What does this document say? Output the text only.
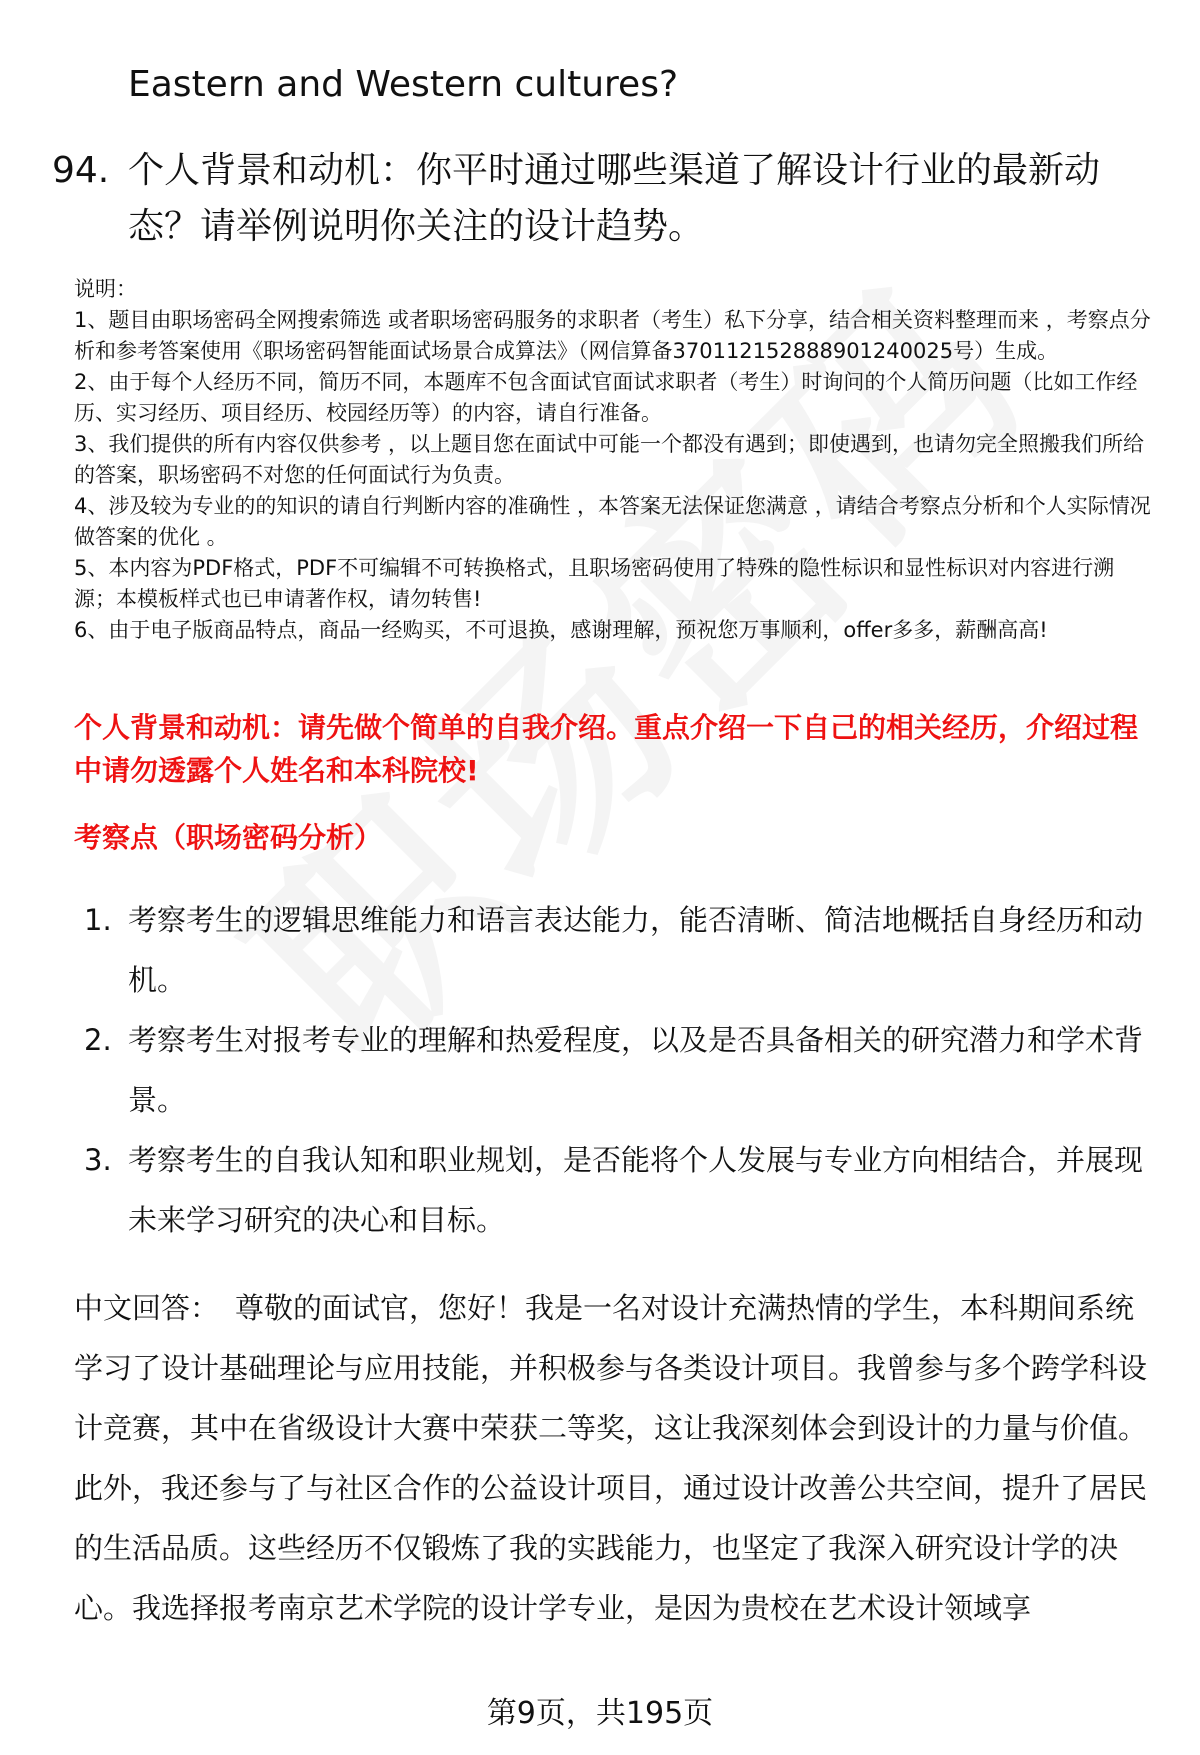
Eastern and Western cultures?
94. 个人背景和动机：你平时通过哪些渠道了解设计行业的最新动态？请举例说明你关注的设计趋势。

说明：

1、题目由职场密码全网搜索筛选 或者职场密码服务的求职者（考生）私下分享，结合相关资料整理而来 ，考察点分析和参考答案使用《职场密码智能面试场景合成算法》（网信算备370112152888901240025号）生成。

2、由于每个人经历不同，简历不同，本题库不包含面试官面试求职者（考生）时询问的个人简历问题（比如工作经历、实习经历、项目经历、校园经历等）的内容，请自行准备。

3、我们提供的所有内容仅供参考 ，以上题目您在面试中可能一个都没有遇到；即使遇到，也请勿完全照搬我们所给的答案，职场密码不对您的任何面试行为负责。

4、涉及较为专业的的知识的请自行判断内容的准确性 ，本答案无法保证您满意 ，请结合考察点分析和个人实际情况做答案的优化 。

5、本内容为PDF格式，PDF不可编辑不可转换格式，且职场密码使用了特殊的隐性标识和显性标识对内容进行溯源；本模板样式也已申请著作权，请勿转售!

6、由于电子版商品特点，商品一经购买，不可退换，感谢理解，预祝您万事顺利，offer多多，薪酬高高!

个人背景和动机：请先做个简单的自我介绍。重点介绍一下自己的相关经历，介绍过程中请勿透露个人姓名和本科院校!
考察点（职场密码分析）
1. 考察考生的逻辑思维能力和语言表达能力，能否清晰、简洁地概括自身经历和动机。
2. 考察考生对报考专业的理解和热爱程度，以及是否具备相关的研究潜力和学术背景。
3. 考察考生的自我认知和职业规划，是否能将个人发展与专业方向相结合，并展现未来学习研究的决心和目标。
中文回答： 尊敬的面试官，您好！我是一名对设计充满热情的学生，本科期间系统学习了设计基础理论与应用技能，并积极参与各类设计项目。我曾参与多个跨学科设计竞赛，其中在省级设计大赛中荣获二等奖，这让我深刻体会到设计的力量与价值。此外，我还参与了与社区合作的公益设计项目，通过设计改善公共空间，提升了居民的生活品质。这些经历不仅锻炼了我的实践能力，也坚定了我深入研究设计学的决心。我选择报考南京艺术学院的设计学专业，是因为贵校在艺术设计领域享
第9页，共195页
